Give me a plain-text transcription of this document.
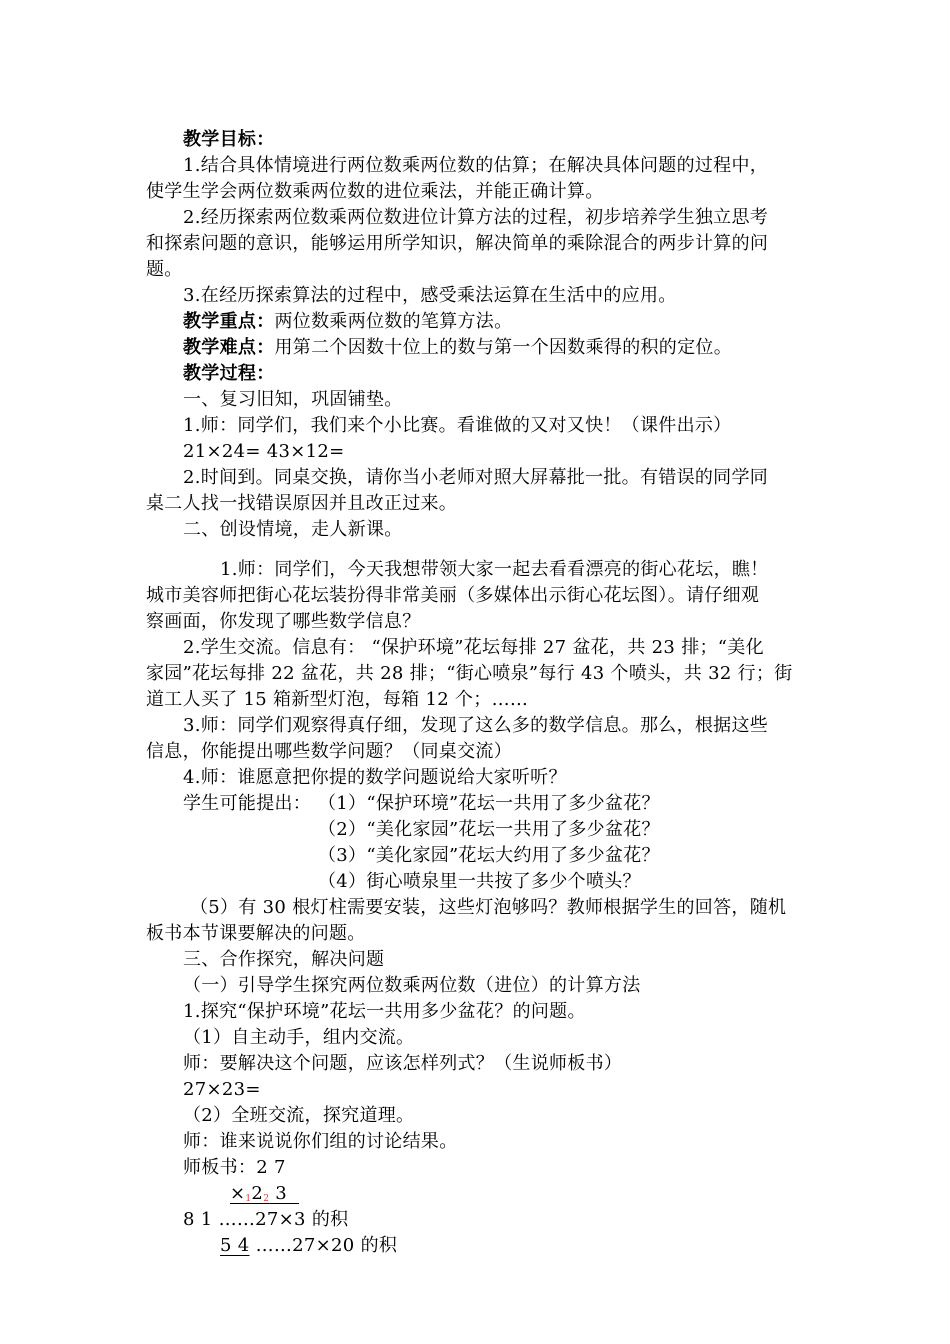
教学目标：
1.结合具体情境进行两位数乘两位数的估算；在解决具体问题的过程中，
使学生学会两位数乘两位数的进位乘法，并能正确计算。
2.经历探索两位数乘两位数进位计算方法的过程，初步培养学生独立思考
和探索问题的意识，能够运用所学知识，解决简单的乘除混合的两步计算的问
题。
3.在经历探索算法的过程中，感受乘法运算在生活中的应用。
教学重点：两位数乘两位数的笔算方法。
教学难点：用第二个因数十位上的数与第一个因数乘得的积的定位。
教学过程：
一、复习旧知，巩固铺垫。
1.师：同学们，我们来个小比赛。看谁做的又对又快！（课件出示）
21×24= 43×12=
2.时间到。同桌交换，请你当小老师对照大屏幕批一批。有错误的同学同
桌二人找一找错误原因并且改正过来。
二、创设情境，走人新课。
1.师：同学们，今天我想带领大家一起去看看漂亮的街心花坛，瞧！
城市美容师把街心花坛装扮得非常美丽（多媒体出示街心花坛图）。请仔细观
察画面，你发现了哪些数学信息？
2.学生交流。信息有： “保护环境”花坛每排 27 盆花，共 23 排；“美化
家园”花坛每排 22 盆花，共 28 排；“街心喷泉”每行 43 个喷头，共 32 行；街
道工人买了 15 箱新型灯泡，每箱 12 个；……
3.师：同学们观察得真仔细，发现了这么多的数学信息。那么，根据这些
信息，你能提出哪些数学问题？（同桌交流）
4.师：谁愿意把你提的数学问题说给大家听听？
学生可能提出： （1）“保护环境”花坛一共用了多少盆花？
（2）“美化家园”花坛一共用了多少盆花？
（3）“美化家园”花坛大约用了多少盆花？
（4）街心喷泉里一共按了多少个喷头？
（5）有 30 根灯柱需要安装，这些灯泡够吗？教师根据学生的回答，随机
板书本节课要解决的问题。
三、合作探究，解决问题
（一）引导学生探究两位数乘两位数（进位）的计算方法
1.探究“保护环境”花坛一共用多少盆花？的问题。
（1）自主动手，组内交流。
师：要解决这个问题，应该怎样列式？（生说师板书）
27×23=
（2）全班交流，探究道理。
师：谁来说说你们组的讨论结果。
师板书：2 7
×122 3
8 1 ……27×3 的积
5 4 ……27×20 的积
